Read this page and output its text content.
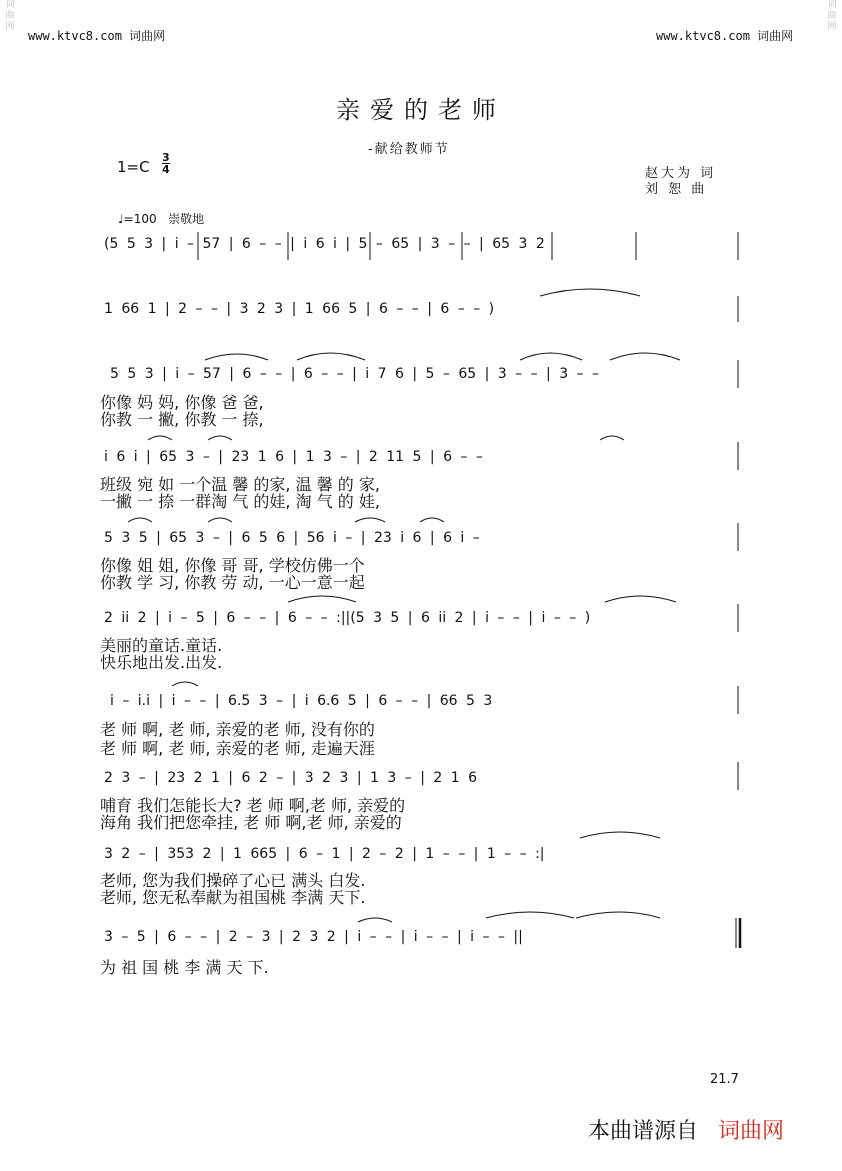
www.ktvc8.com 词曲网	www.ktvc8.com 词曲网
词
曲
网
词
曲
网
亲爱的老师
-献给教师节
$1=C \frac{3}{4}$	赵大为 词
刘 恕 曲
♩=100 崇敬地
(5 5 3 | i – 57 | 6 – – | i 6 i | 5 – 65 | 3 – – | 65 3 2
1 66 1 | 2 – – | 3 2 3 | 1 66 5 | 6 – – | 6 – – )
5 5 3 | i – 57 | 6 – – | 6 – – | i 7 6 | 5 – 65 | 3 – – | 3 – –
你像 妈 妈, 你像 爸 爸,
你教 一 撇, 你教 一 捺,
i 6 i | 65 3 – | 23 1 6 | 1 3 – | 2 11 5 | 6 – –
班级 宛 如 一个温 馨 的家, 温 馨 的 家,
一撇 一 捺 一群淘 气 的娃, 淘 气 的 娃,
5 3 5 | 65 3 – | 6 5 6 | 56 i – | 23 i 6 | 6 i –
你像 姐 姐, 你像 哥 哥, 学校仿佛一个
你教 学 习, 你教 劳 动, 一心一意一起
2 ii 2 | i – 5 | 6 – – | 6 – – :||(5 3 5 | 6 ii 2 | i – – | i – – )
美丽的童话.童话.
快乐地出发.出发.
i – i.i | i – – | 6.5 3 – | i 6.6 5 | 6 – – | 66 5 3
老 师 啊, 老 师, 亲爱的老 师, 没有你的
老 师 啊, 老 师, 亲爱的老 师, 走遍天涯
2 3 – | 23 2 1 | 6 2 – | 3 2 3 | 1 3 – | 2 1 6
哺育 我们怎能长大? 老 师 啊,老 师, 亲爱的
海角 我们把您牵挂, 老 师 啊,老 师, 亲爱的
3 2 – | 353 2 | 1 665 | 6 – 1 | 2 – 2 | 1 – – | 1 – – :|
老师, 您为我们操碎了心已 满头 白发.
老师, 您无私奉献为祖国桃 李满 天下.
3 – 5 | 6 – – | 2 – 3 | 2 3 2 | i – – | i – – | i – – ||
为 祖 国 桃 李 满 天 下.
21.7
本曲谱源自 词曲网
